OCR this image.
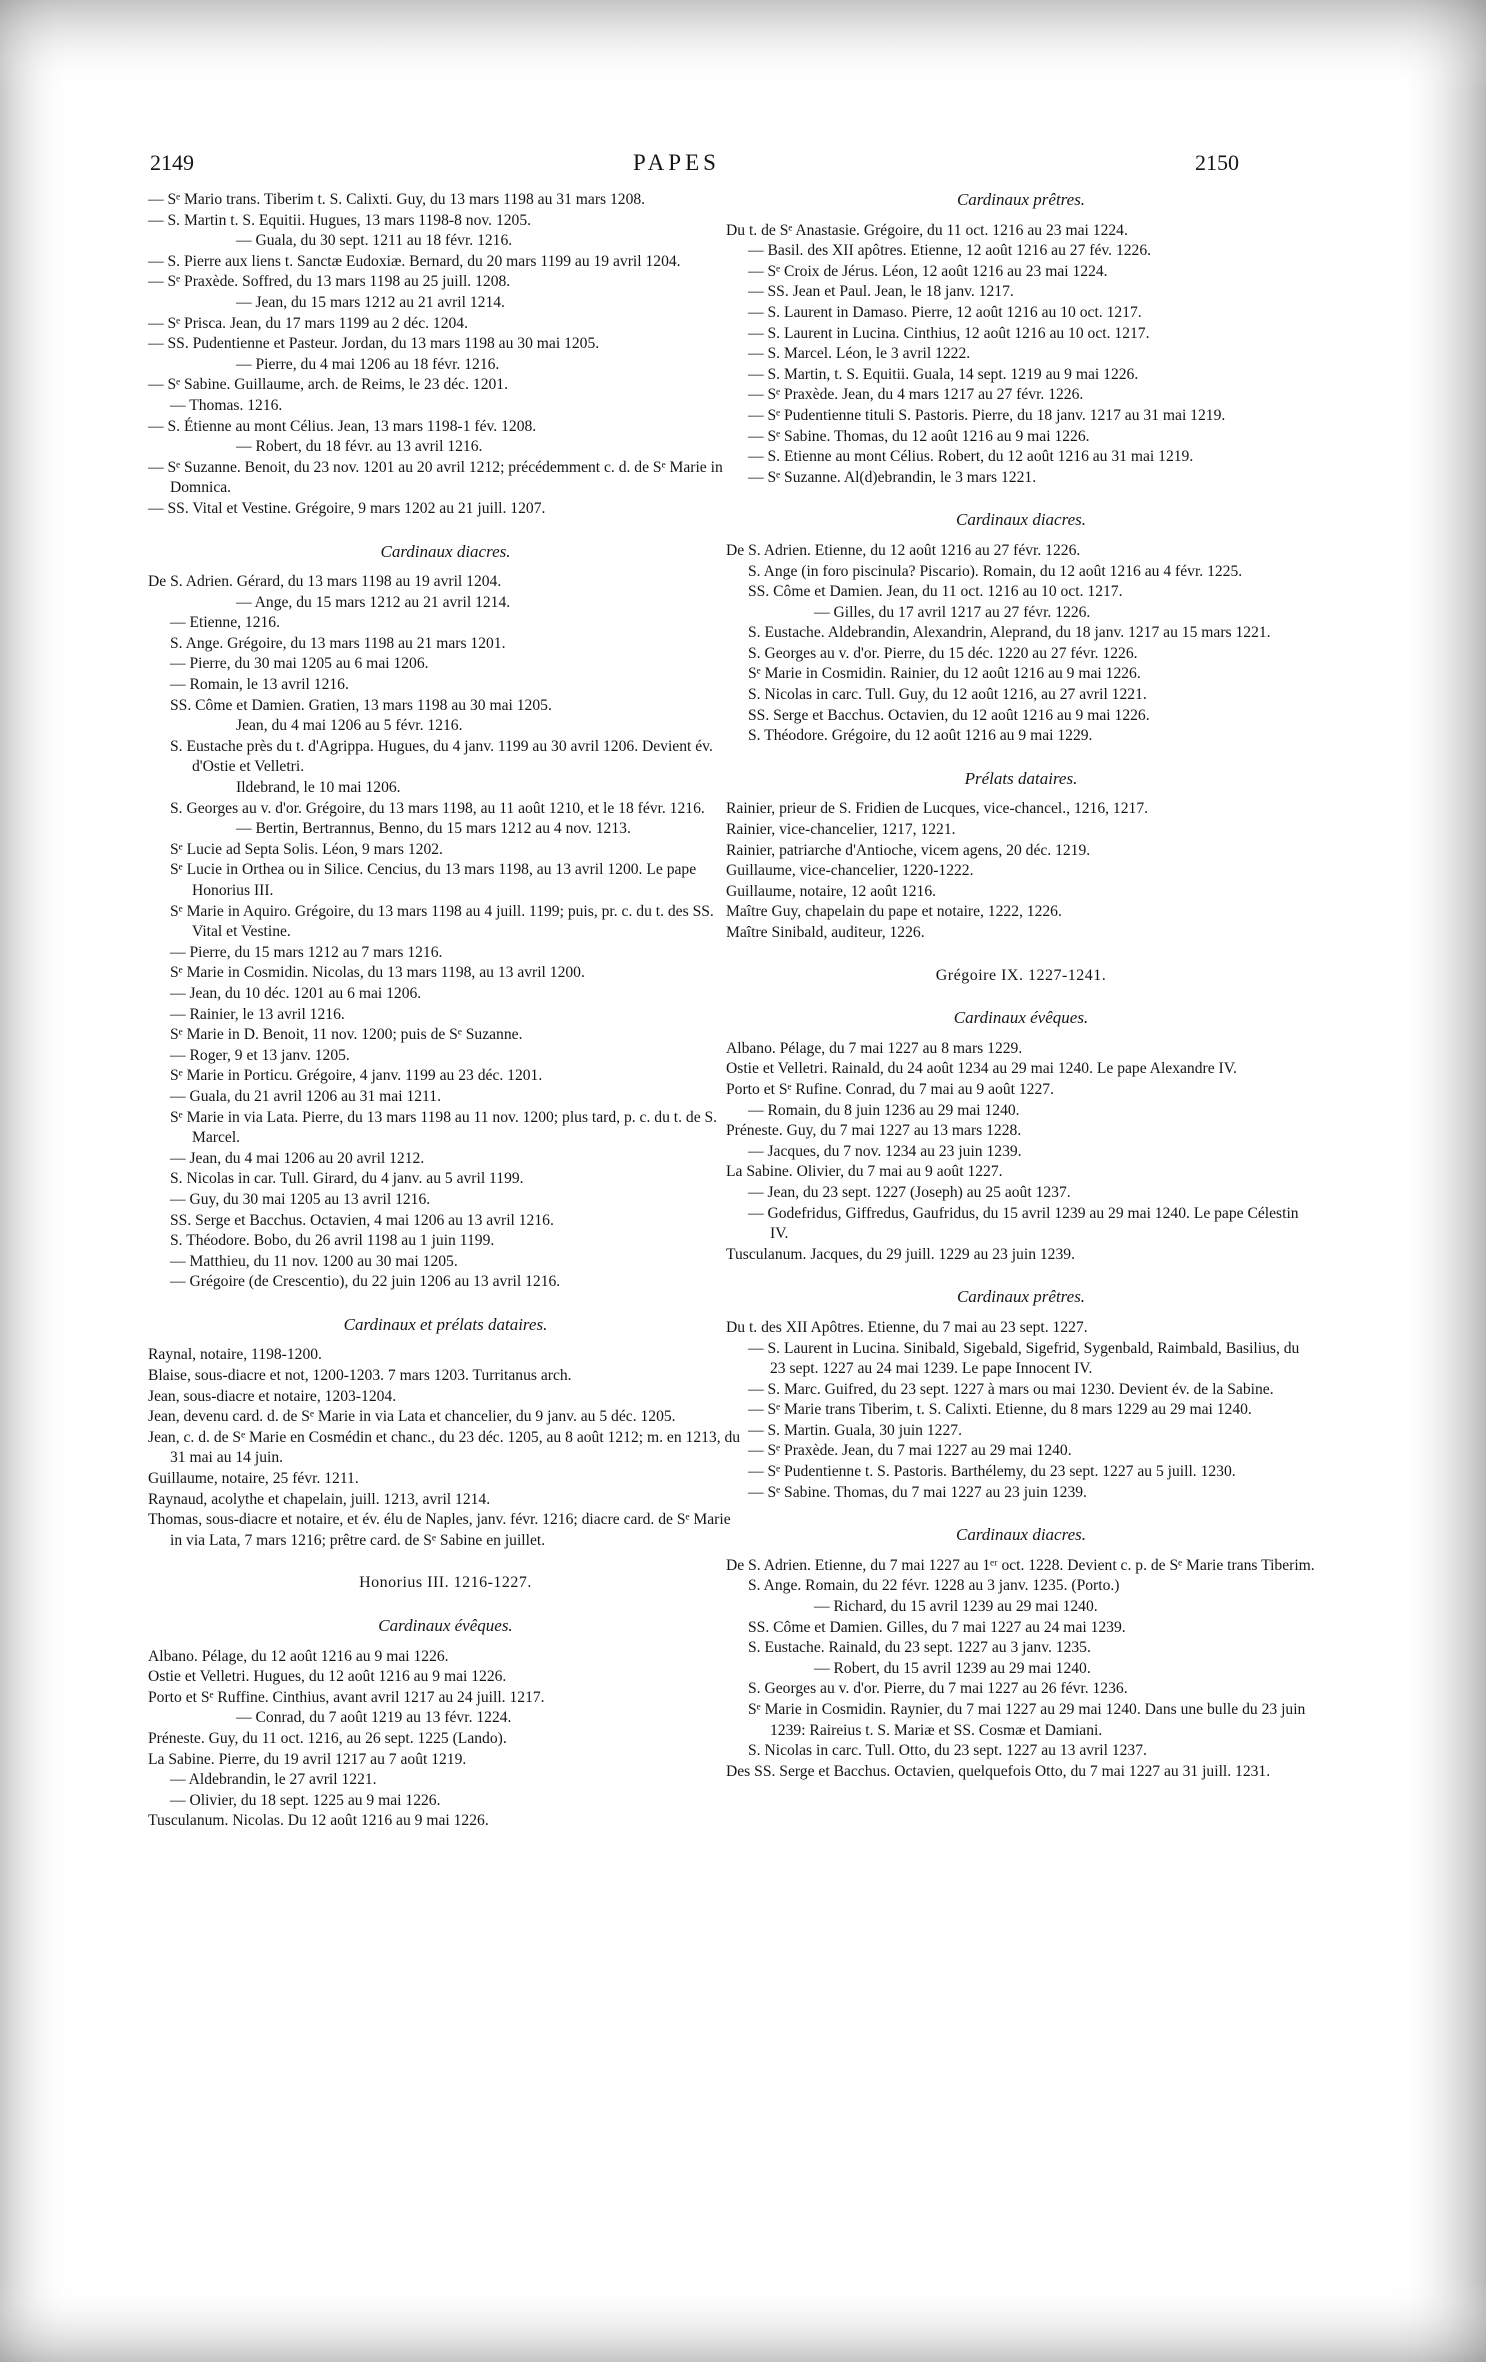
2149	PAPES	2150
— Sᵉ Mario trans. Tiberim t. S. Calixti. Guy, du 13 mars 1198 au 31 mars 1208.
— S. Martin t. S. Equitii. Hugues, 13 mars 1198-8 nov. 1205.
— Guala, du 30 sept. 1211 au 18 févr. 1216.
— S. Pierre aux liens t. Sanctæ Eudoxiæ. Bernard, du 20 mars 1199 au 19 avril 1204.
— Sᵉ Praxède. Soffred, du 13 mars 1198 au 25 juill. 1208.
— Jean, du 15 mars 1212 au 21 avril 1214.
— Sᵉ Prisca. Jean, du 17 mars 1199 au 2 déc. 1204.
— SS. Pudentienne et Pasteur. Jordan, du 13 mars 1198 au 30 mai 1205.
— Pierre, du 4 mai 1206 au 18 févr. 1216.
— Sᵉ Sabine. Guillaume, arch. de Reims, le 23 déc. 1201.
— Thomas. 1216.
— S. Étienne au mont Célius. Jean, 13 mars 1198-1 fév. 1208.
— Robert, du 18 févr. au 13 avril 1216.
— Sᵉ Suzanne. Benoit, du 23 nov. 1201 au 20 avril 1212; précédemment c. d. de Sᵉ Marie in Domnica.
— SS. Vital et Vestine. Grégoire, 9 mars 1202 au 21 juill. 1207.
Cardinaux diacres.
De S. Adrien. Gérard, du 13 mars 1198 au 19 avril 1204.
— Ange, du 15 mars 1212 au 21 avril 1214.
— Etienne, 1216.
S. Ange. Grégoire, du 13 mars 1198 au 21 mars 1201.
— Pierre, du 30 mai 1205 au 6 mai 1206.
— Romain, le 13 avril 1216.
SS. Côme et Damien. Gratien, 13 mars 1198 au 30 mai 1205.
Jean, du 4 mai 1206 au 5 févr. 1216.
S. Eustache près du t. d'Agrippa. Hugues, du 4 janv. 1199 au 30 avril 1206. Devient év. d'Ostie et Velletri.
Ildebrand, le 10 mai 1206.
S. Georges au v. d'or. Grégoire, du 13 mars 1198, au 11 août 1210, et le 18 févr. 1216.
— Bertin, Bertrannus, Benno, du 15 mars 1212 au 4 nov. 1213.
Sᵉ Lucie ad Septa Solis. Léon, 9 mars 1202.
Sᵉ Lucie in Orthea ou in Silice. Cencius, du 13 mars 1198, au 13 avril 1200. Le pape Honorius III.
Sᵉ Marie in Aquiro. Grégoire, du 13 mars 1198 au 4 juill. 1199; puis, pr. c. du t. des SS. Vital et Vestine.
— Pierre, du 15 mars 1212 au 7 mars 1216.
Sᵉ Marie in Cosmidin. Nicolas, du 13 mars 1198, au 13 avril 1200.
— Jean, du 10 déc. 1201 au 6 mai 1206.
— Rainier, le 13 avril 1216.
Sᵉ Marie in D. Benoit, 11 nov. 1200; puis de Sᵉ Suzanne.
— Roger, 9 et 13 janv. 1205.
Sᵉ Marie in Porticu. Grégoire, 4 janv. 1199 au 23 déc. 1201.
— Guala, du 21 avril 1206 au 31 mai 1211.
Sᵉ Marie in via Lata. Pierre, du 13 mars 1198 au 11 nov. 1200; plus tard, p. c. du t. de S. Marcel.
— Jean, du 4 mai 1206 au 20 avril 1212.
S. Nicolas in car. Tull. Girard, du 4 janv. au 5 avril 1199.
— Guy, du 30 mai 1205 au 13 avril 1216.
SS. Serge et Bacchus. Octavien, 4 mai 1206 au 13 avril 1216.
S. Théodore. Bobo, du 26 avril 1198 au 1 juin 1199.
— Matthieu, du 11 nov. 1200 au 30 mai 1205.
— Grégoire (de Crescentio), du 22 juin 1206 au 13 avril 1216.
Cardinaux et prélats dataires.
Raynal, notaire, 1198-1200.
Blaise, sous-diacre et not, 1200-1203. 7 mars 1203. Turritanus arch.
Jean, sous-diacre et notaire, 1203-1204.
Jean, devenu card. d. de Sᵉ Marie in via Lata et chancelier, du 9 janv. au 5 déc. 1205.
Jean, c. d. de Sᵉ Marie en Cosmédin et chanc., du 23 déc. 1205, au 8 août 1212; m. en 1213, du 31 mai au 14 juin.
Guillaume, notaire, 25 févr. 1211.
Raynaud, acolythe et chapelain, juill. 1213, avril 1214.
Thomas, sous-diacre et notaire, et év. élu de Naples, janv. févr. 1216; diacre card. de Sᵉ Marie in via Lata, 7 mars 1216; prêtre card. de Sᵉ Sabine en juillet.
Honorius III. 1216-1227.
Cardinaux évêques.
Albano. Pélage, du 12 août 1216 au 9 mai 1226.
Ostie et Velletri. Hugues, du 12 août 1216 au 9 mai 1226.
Porto et Sᵉ Ruffine. Cinthius, avant avril 1217 au 24 juill. 1217.
— Conrad, du 7 août 1219 au 13 févr. 1224.
Préneste. Guy, du 11 oct. 1216, au 26 sept. 1225 (Lando).
La Sabine. Pierre, du 19 avril 1217 au 7 août 1219.
— Aldebrandin, le 27 avril 1221.
— Olivier, du 18 sept. 1225 au 9 mai 1226.
Tusculanum. Nicolas. Du 12 août 1216 au 9 mai 1226.
Cardinaux prêtres.
Du t. de Sᵉ Anastasie. Grégoire, du 11 oct. 1216 au 23 mai 1224.
— Basil. des XII apôtres. Etienne, 12 août 1216 au 27 fév. 1226.
— Sᵉ Croix de Jérus. Léon, 12 août 1216 au 23 mai 1224.
— SS. Jean et Paul. Jean, le 18 janv. 1217.
— S. Laurent in Damaso. Pierre, 12 août 1216 au 10 oct. 1217.
— S. Laurent in Lucina. Cinthius, 12 août 1216 au 10 oct. 1217.
— S. Marcel. Léon, le 3 avril 1222.
— S. Martin, t. S. Equitii. Guala, 14 sept. 1219 au 9 mai 1226.
— Sᵉ Praxède. Jean, du 4 mars 1217 au 27 févr. 1226.
— Sᵉ Pudentienne tituli S. Pastoris. Pierre, du 18 janv. 1217 au 31 mai 1219.
— Sᵉ Sabine. Thomas, du 12 août 1216 au 9 mai 1226.
— S. Etienne au mont Célius. Robert, du 12 août 1216 au 31 mai 1219.
— Sᵉ Suzanne. Al(d)ebrandin, le 3 mars 1221.
Cardinaux diacres.
De S. Adrien. Etienne, du 12 août 1216 au 27 févr. 1226.
S. Ange (in foro piscinula? Piscario). Romain, du 12 août 1216 au 4 févr. 1225.
SS. Côme et Damien. Jean, du 11 oct. 1216 au 10 oct. 1217.
— Gilles, du 17 avril 1217 au 27 févr. 1226.
S. Eustache. Aldebrandin, Alexandrin, Aleprand, du 18 janv. 1217 au 15 mars 1221.
S. Georges au v. d'or. Pierre, du 15 déc. 1220 au 27 févr. 1226.
Sᵉ Marie in Cosmidin. Rainier, du 12 août 1216 au 9 mai 1226.
S. Nicolas in carc. Tull. Guy, du 12 août 1216, au 27 avril 1221.
SS. Serge et Bacchus. Octavien, du 12 août 1216 au 9 mai 1226.
S. Théodore. Grégoire, du 12 août 1216 au 9 mai 1229.
Prélats dataires.
Rainier, prieur de S. Fridien de Lucques, vice-chancel., 1216, 1217.
Rainier, vice-chancelier, 1217, 1221.
Rainier, patriarche d'Antioche, vicem agens, 20 déc. 1219.
Guillaume, vice-chancelier, 1220-1222.
Guillaume, notaire, 12 août 1216.
Maître Guy, chapelain du pape et notaire, 1222, 1226.
Maître Sinibald, auditeur, 1226.
Grégoire IX. 1227-1241.
Cardinaux évêques.
Albano. Pélage, du 7 mai 1227 au 8 mars 1229.
Ostie et Velletri. Rainald, du 24 août 1234 au 29 mai 1240. Le pape Alexandre IV.
Porto et Sᵉ Rufine. Conrad, du 7 mai au 9 août 1227.
— Romain, du 8 juin 1236 au 29 mai 1240.
Préneste. Guy, du 7 mai 1227 au 13 mars 1228.
— Jacques, du 7 nov. 1234 au 23 juin 1239.
La Sabine. Olivier, du 7 mai au 9 août 1227.
— Jean, du 23 sept. 1227 (Joseph) au 25 août 1237.
— Godefridus, Giffredus, Gaufridus, du 15 avril 1239 au 29 mai 1240. Le pape Célestin IV.
Tusculanum. Jacques, du 29 juill. 1229 au 23 juin 1239.
Cardinaux prêtres.
Du t. des XII Apôtres. Etienne, du 7 mai au 23 sept. 1227.
— S. Laurent in Lucina. Sinibald, Sigebald, Sigefrid, Sygenbald, Raimbald, Basilius, du 23 sept. 1227 au 24 mai 1239. Le pape Innocent IV.
— S. Marc. Guifred, du 23 sept. 1227 à mars ou mai 1230. Devient év. de la Sabine.
— Sᵉ Marie trans Tiberim, t. S. Calixti. Etienne, du 8 mars 1229 au 29 mai 1240.
— S. Martin. Guala, 30 juin 1227.
— Sᵉ Praxède. Jean, du 7 mai 1227 au 29 mai 1240.
— Sᵉ Pudentienne t. S. Pastoris. Barthélemy, du 23 sept. 1227 au 5 juill. 1230.
— Sᵉ Sabine. Thomas, du 7 mai 1227 au 23 juin 1239.
Cardinaux diacres.
De S. Adrien. Etienne, du 7 mai 1227 au 1ᵉʳ oct. 1228. Devient c. p. de Sᵉ Marie trans Tiberim.
S. Ange. Romain, du 22 févr. 1228 au 3 janv. 1235. (Porto.)
— Richard, du 15 avril 1239 au 29 mai 1240.
SS. Côme et Damien. Gilles, du 7 mai 1227 au 24 mai 1239.
S. Eustache. Rainald, du 23 sept. 1227 au 3 janv. 1235.
— Robert, du 15 avril 1239 au 29 mai 1240.
S. Georges au v. d'or. Pierre, du 7 mai 1227 au 26 févr. 1236.
Sᵉ Marie in Cosmidin. Raynier, du 7 mai 1227 au 29 mai 1240. Dans une bulle du 23 juin 1239: Raireius t. S. Mariæ et SS. Cosmæ et Damiani.
S. Nicolas in carc. Tull. Otto, du 23 sept. 1227 au 13 avril 1237.
Des SS. Serge et Bacchus. Octavien, quelquefois Otto, du 7 mai 1227 au 31 juill. 1231.
